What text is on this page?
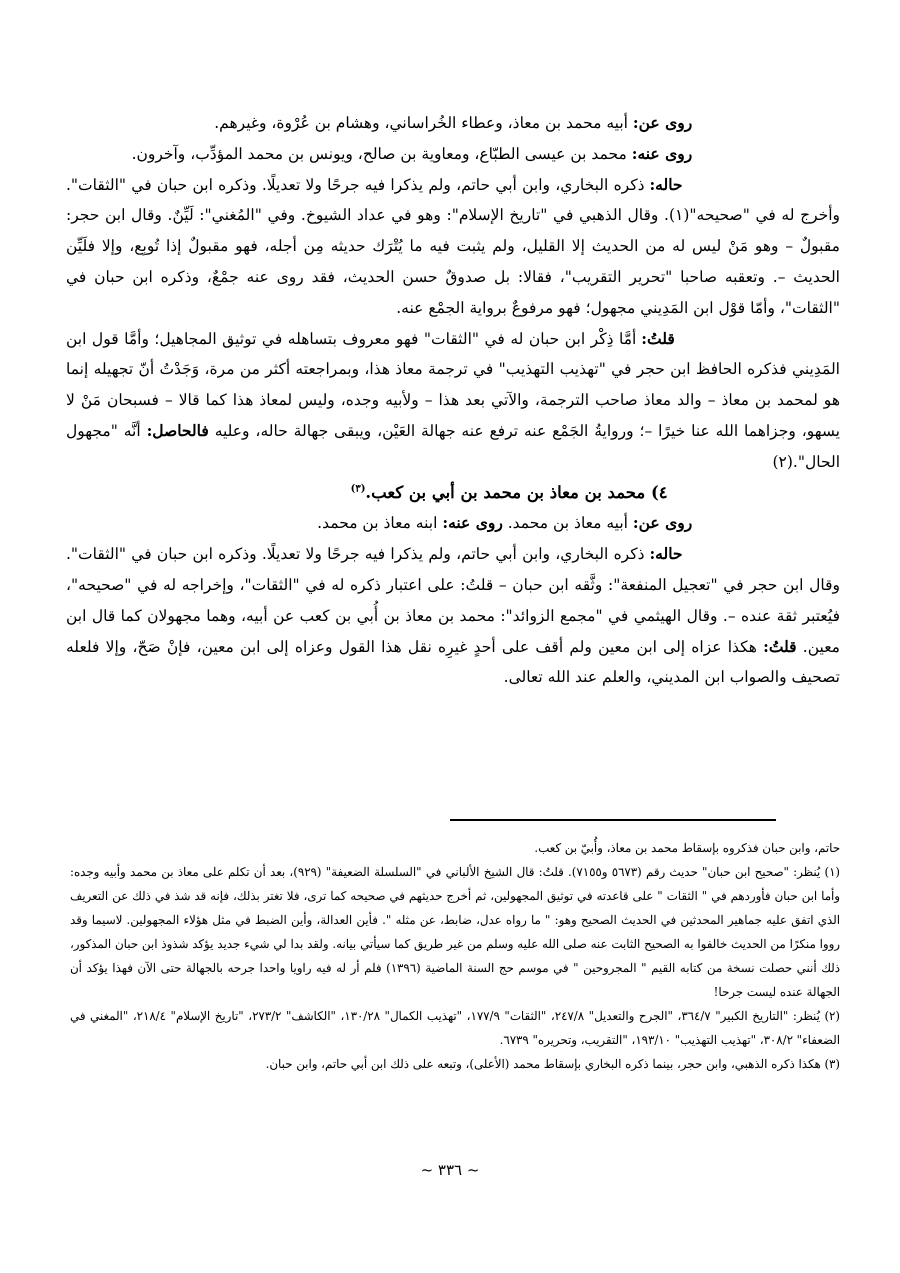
روى عن: أبيه محمد بن معاذ، وعطاء الخُراساني، وهشام بن عُرْوة، وغيرهم.

روى عنه: محمد بن عيسى الطبّاع، ومعاوية بن صالح، ويونس بن محمد المؤدِّب، وآخرون.

حاله: ذكره البخاري، وابن أبي حاتم، ولم يذكرا فيه جرحًا ولا تعديلًا. وذكره ابن حبان في "الثقات". وأخرج له في "صحيحه"(١). وقال الذهبي في "تاريخ الإسلام": وهو في عداد الشيوخ. وفي "المُغني": لَيِّنٌ. وقال ابن حجر: مقبولٌ – وهو مَنْ ليس له من الحديث إلا القليل، ولم يثبت فيه ما يُتْرَك حديثه مِن أجله، فهو مقبولٌ إذا تُوبِع، وإلا فلَيِّن الحديث –. وتعقبه صاحبا "تحرير التقريب"، فقالا: بل صدوقٌ حسن الحديث، فقد روى عنه جمْعٌ، وذكره ابن حبان في "الثقات"، وأمّا قوْل ابن المَدِيني مجهول؛ فهو مرفوعٌ برواية الجمْع عنه.

قلتُ: أمَّا ذِكْر ابن حبان له في "الثقات" فهو معروف بتساهله في توثيق المجاهيل؛ وأمَّا قول ابن المَدِيني فذكره الحافظ ابن حجر في "تهذيب التهذيب" في ترجمة معاذ هذا، وبمراجعته أكثر من مرة، وَجَدْتُ أنّ تجهيله إنما هو لمحمد بن معاذ – والد معاذ صاحب الترجمة، والآتي بعد هذا – ولأبيه وجده، وليس لمعاذ هذا كما قالا – فسبحان مَنْ لا يسهو، وجزاهما الله عنا خيرًا –؛ وروايةُ الجَمْع عنه ترفع عنه جهالة العَيْن، ويبقى جهالة حاله، وعليه فالحاصل: أنَّه "مجهول الحال".(٢)

٤) محمد بن معاذ بن محمد بن أبي بن كعب.$^{(٣)}$

روى عن: أبيه معاذ بن محمد. روى عنه: ابنه معاذ بن محمد.

حاله: ذكره البخاري، وابن أبي حاتم، ولم يذكرا فيه جرحًا ولا تعديلًا. وذكره ابن حبان في "الثقات". وقال ابن حجر في "تعجيل المنفعة": وثَّقه ابن حبان – قلتُ: على اعتبار ذكره له في "الثقات"، وإخراجه له في "صحيحه"، فيُعتبر ثقة عنده –. وقال الهيثمي في "مجمع الزوائد": محمد بن معاذ بن أُبي بن كعب عن أبيه، وهما مجهولان كما قال ابن معين. قلتُ: هكذا عزاه إلى ابن معين ولم أقف على أحدٍ غيرِه نقل هذا القول وعزاه إلى ابن معين، فإنْ صَحّ، وإلا فلعله تصحيف والصواب ابن المديني، والعلم عند الله تعالى.

حاتم، وابن حبان فذكروه بإسقاط محمد بن معاذ، وأُبيّ بن كعب.

(١) يُنظر: "صحيح ابن حبان" حديث رقم (٥٦٧٣ و٧١٥٥). قلتُ: قال الشيخ الألباني في "السلسلة الضعيفة" (٩٢٩)، بعد أن تكلم على معاذ بن محمد وأبيه وجده: وأما ابن حبان فأوردهم في " الثقات " على قاعدته في توثيق المجهولين، ثم أخرج حديثهم في صحيحه كما ترى، فلا تغتر بذلك، فإنه قد شذ في ذلك عن التعريف الذي اتفق عليه جماهير المحدثين في الحديث الصحيح وهو: " ما رواه عدل، ضابط، عن مثله ". فأين العدالة، وأين الضبط في مثل هؤلاء المجهولين. لاسيما وقد رووا منكرًا من الحديث خالفوا به الصحيح الثابت عنه صلى الله عليه وسلم من غير طريق كما سيأتي بيانه. ولقد بدا لي شيء جديد يؤكد شذوذ ابن حبان المذكور، ذلك أنني حصلت نسخة من كتابه القيم " المجروحين " في موسم حج السنة الماضية (١٣٩٦) فلم أر له فيه راويا واحدا جرحه بالجهالة حتى الآن فهذا يؤكد أن الجهالة عنده ليست جرحا!

(٢) يُنظر: "التاريخ الكبير" ٣٦٤/٧، "الجرح والتعديل" ٢٤٧/٨، "الثقات" ١٧٧/٩، "تهذيب الكمال" ١٣٠/٢٨، "الكاشف" ٢٧٣/٢، "تاريخ الإسلام" ٢١٨/٤، "المغني في الضعفاء" ٣٠٨/٢، "تهذيب التهذيب" ١٩٣/١٠، "التقريب، وتحريره" ٦٧٣٩.

(٣) هكذا ذكره الذهبي، وابن حجر، بينما ذكره البخاري بإسقاط محمد (الأعلى)، وتبعه على ذلك ابن أبي حاتم، وابن حبان.

~ ٣٣٦ ~
